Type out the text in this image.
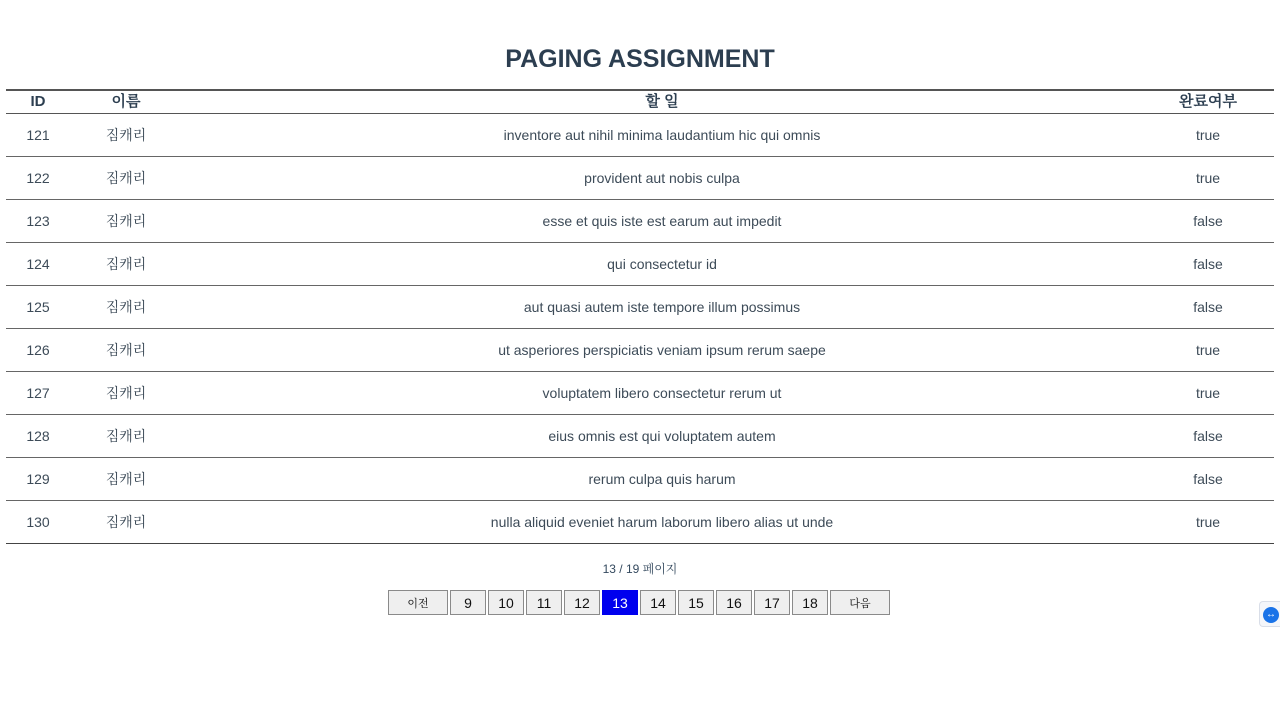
PAGING ASSIGNMENT
ID	이름	할 일	완료여부
121	짐캐리	inventore aut nihil minima laudantium hic qui omnis	true
122	짐캐리	provident aut nobis culpa	true
123	짐캐리	esse et quis iste est earum aut impedit	false
124	짐캐리	qui consectetur id	false
125	짐캐리	aut quasi autem iste tempore illum possimus	false
126	짐캐리	ut asperiores perspiciatis veniam ipsum rerum saepe	true
127	짐캐리	voluptatem libero consectetur rerum ut	true
128	짐캐리	eius omnis est qui voluptatem autem	false
129	짐캐리	rerum culpa quis harum	false
130	짐캐리	nulla aliquid eveniet harum laborum libero alias ut unde	true
13 / 19 페이지
이전	9	10	11	12	13	14	15	16	17	18	다음
↔
